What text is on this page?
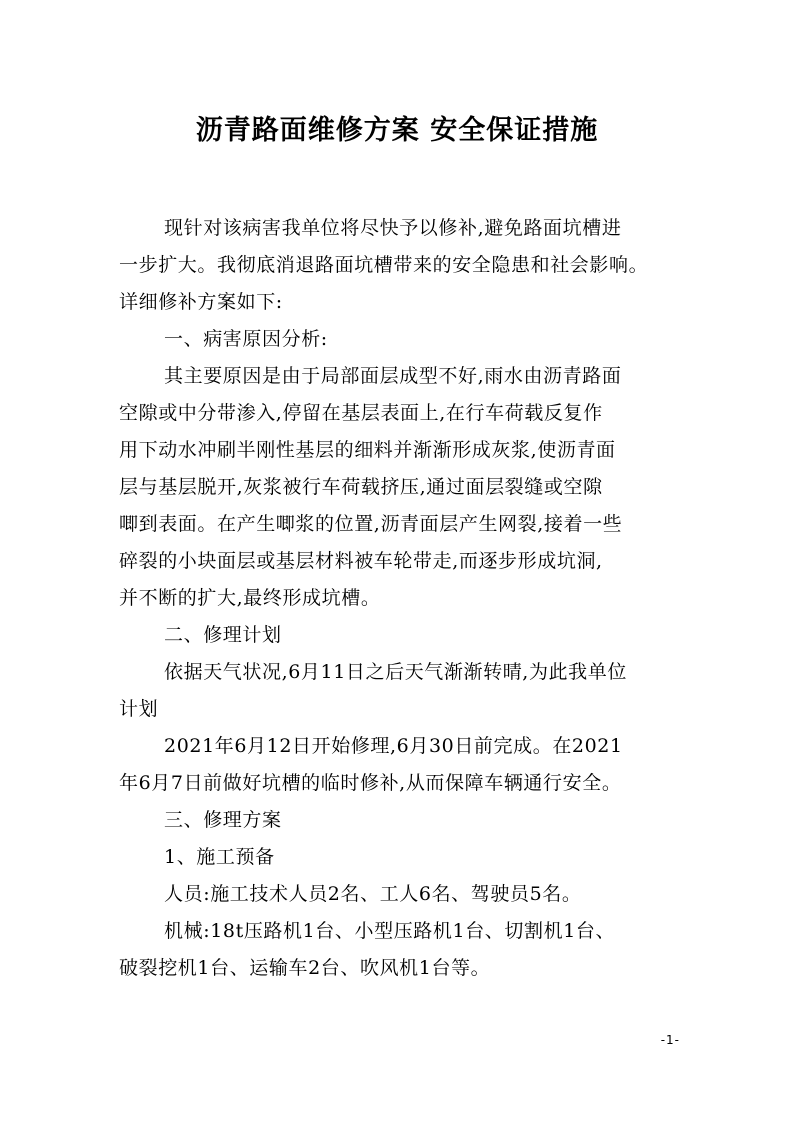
沥青路面维修方案 安全保证措施
现针对该病害我单位将尽快予以修补,避免路面坑槽进
一步扩大。我彻底消退路面坑槽带来的安全隐患和社会影响。
详细修补方案如下:
一、病害原因分析:
其主要原因是由于局部面层成型不好,雨水由沥青路面
空隙或中分带渗入,停留在基层表面上,在行车荷载反复作
用下动水冲刷半刚性基层的细料并渐渐形成灰浆,使沥青面
层与基层脱开,灰浆被行车荷载挤压,通过面层裂缝或空隙
唧到表面。在产生唧浆的位置,沥青面层产生网裂,接着一些
碎裂的小块面层或基层材料被车轮带走,而逐步形成坑洞,
并不断的扩大,最终形成坑槽。
二、修理计划
依据天气状况,6月11日之后天气渐渐转晴,为此我单位
计划
2021年6月12日开始修理,6月30日前完成。在2021
年6月7日前做好坑槽的临时修补,从而保障车辆通行安全。
三、修理方案
1、施工预备
人员:施工技术人员2名、工人6名、驾驶员5名。
机械:18t压路机1台、小型压路机1台、切割机1台、
破裂挖机1台、运输车2台、吹风机1台等。
-1-
